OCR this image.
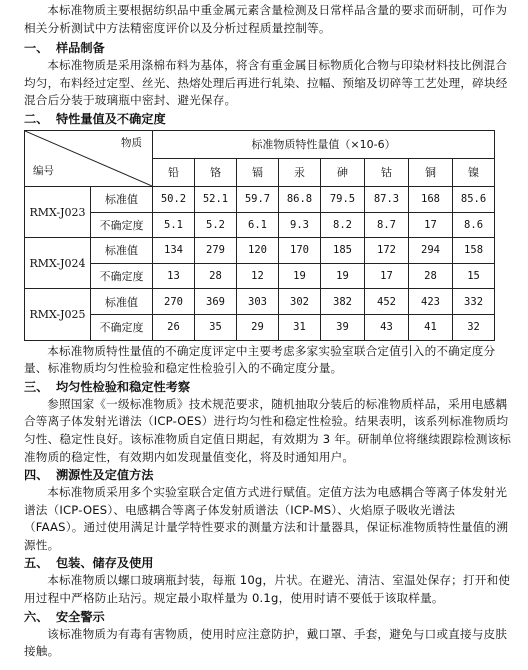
本标准物质主要根据纺织品中重金属元素含量检测及日常样品含量的要求而研制，可作为相关分析测试中方法精密度评价以及分析过程质量控制等。

一、 样品制备

本标准物质是采用涤棉布料为基体，将含有重金属目标物质化合物与印染材料技比例混合均匀，布料经过定型、丝光、热熔处理后再进行轧染、拉幅、预缩及切碎等工艺处理，碎块经混合后分装于玻璃瓶中密封、避光保存。

二、 特性量值及不确定度
物质
编号		标准物质特性量值（×10-6）							
		铅	铬	镉	汞	砷	钴	铜	镍
RMX-J023	标准值	50.2	52.1	59.7	86.8	79.5	87.3	168	85.6
	不确定度	5.1	5.2	6.1	9.3	8.2	8.7	17	8.6
RMX-J024	标准值	134	279	120	170	185	172	294	158
	不确定度	13	28	12	19	19	17	28	15
RMX-J025	标准值	270	369	303	302	382	452	423	332
	不确定度	26	35	29	31	39	43	41	32

本标准物质特性量值的不确定度评定中主要考虑多家实验室联合定值引入的不确定度分量、标准物质均匀性检验和稳定性检验引入的不确定度分量。

三、 均匀性检验和稳定性考察

参照国家《一级标准物质》技术规范要求，随机抽取分装后的标准物质样品，采用电感耦合等离子体发射光谱法（ICP-OES）进行均匀性和稳定性检验。结果表明，该系列标准物质均匀性、稳定性良好。该标准物质自定值日期起，有效期为 3 年。研制单位将继续跟踪检测该标准物质的稳定性，有效期内如发现量值变化，将及时通知用户。

四、 溯源性及定值方法

本标准物质采用多个实验室联合定值方式进行赋值。定值方法为电感耦合等离子体发射光谱法（ICP-OES）、电感耦合等离子体发射质谱法（ICP-MS）、火焰原子吸收光谱法（FAAS）。通过使用满足计量学特性要求的测量方法和计量器具，保证标准物质特性量值的溯源性。

五、 包装、储存及使用

本标准物质以螺口玻璃瓶封装，每瓶 10g，片状。在避光、清洁、室温处保存；打开和使用过程中严格防止玷污。规定最小取样量为 0.1g，使用时请不要低于该取样量。

六、 安全警示

该标准物质为有毒有害物质，使用时应注意防护，戴口罩、手套，避免与口或直接与皮肤接触。
